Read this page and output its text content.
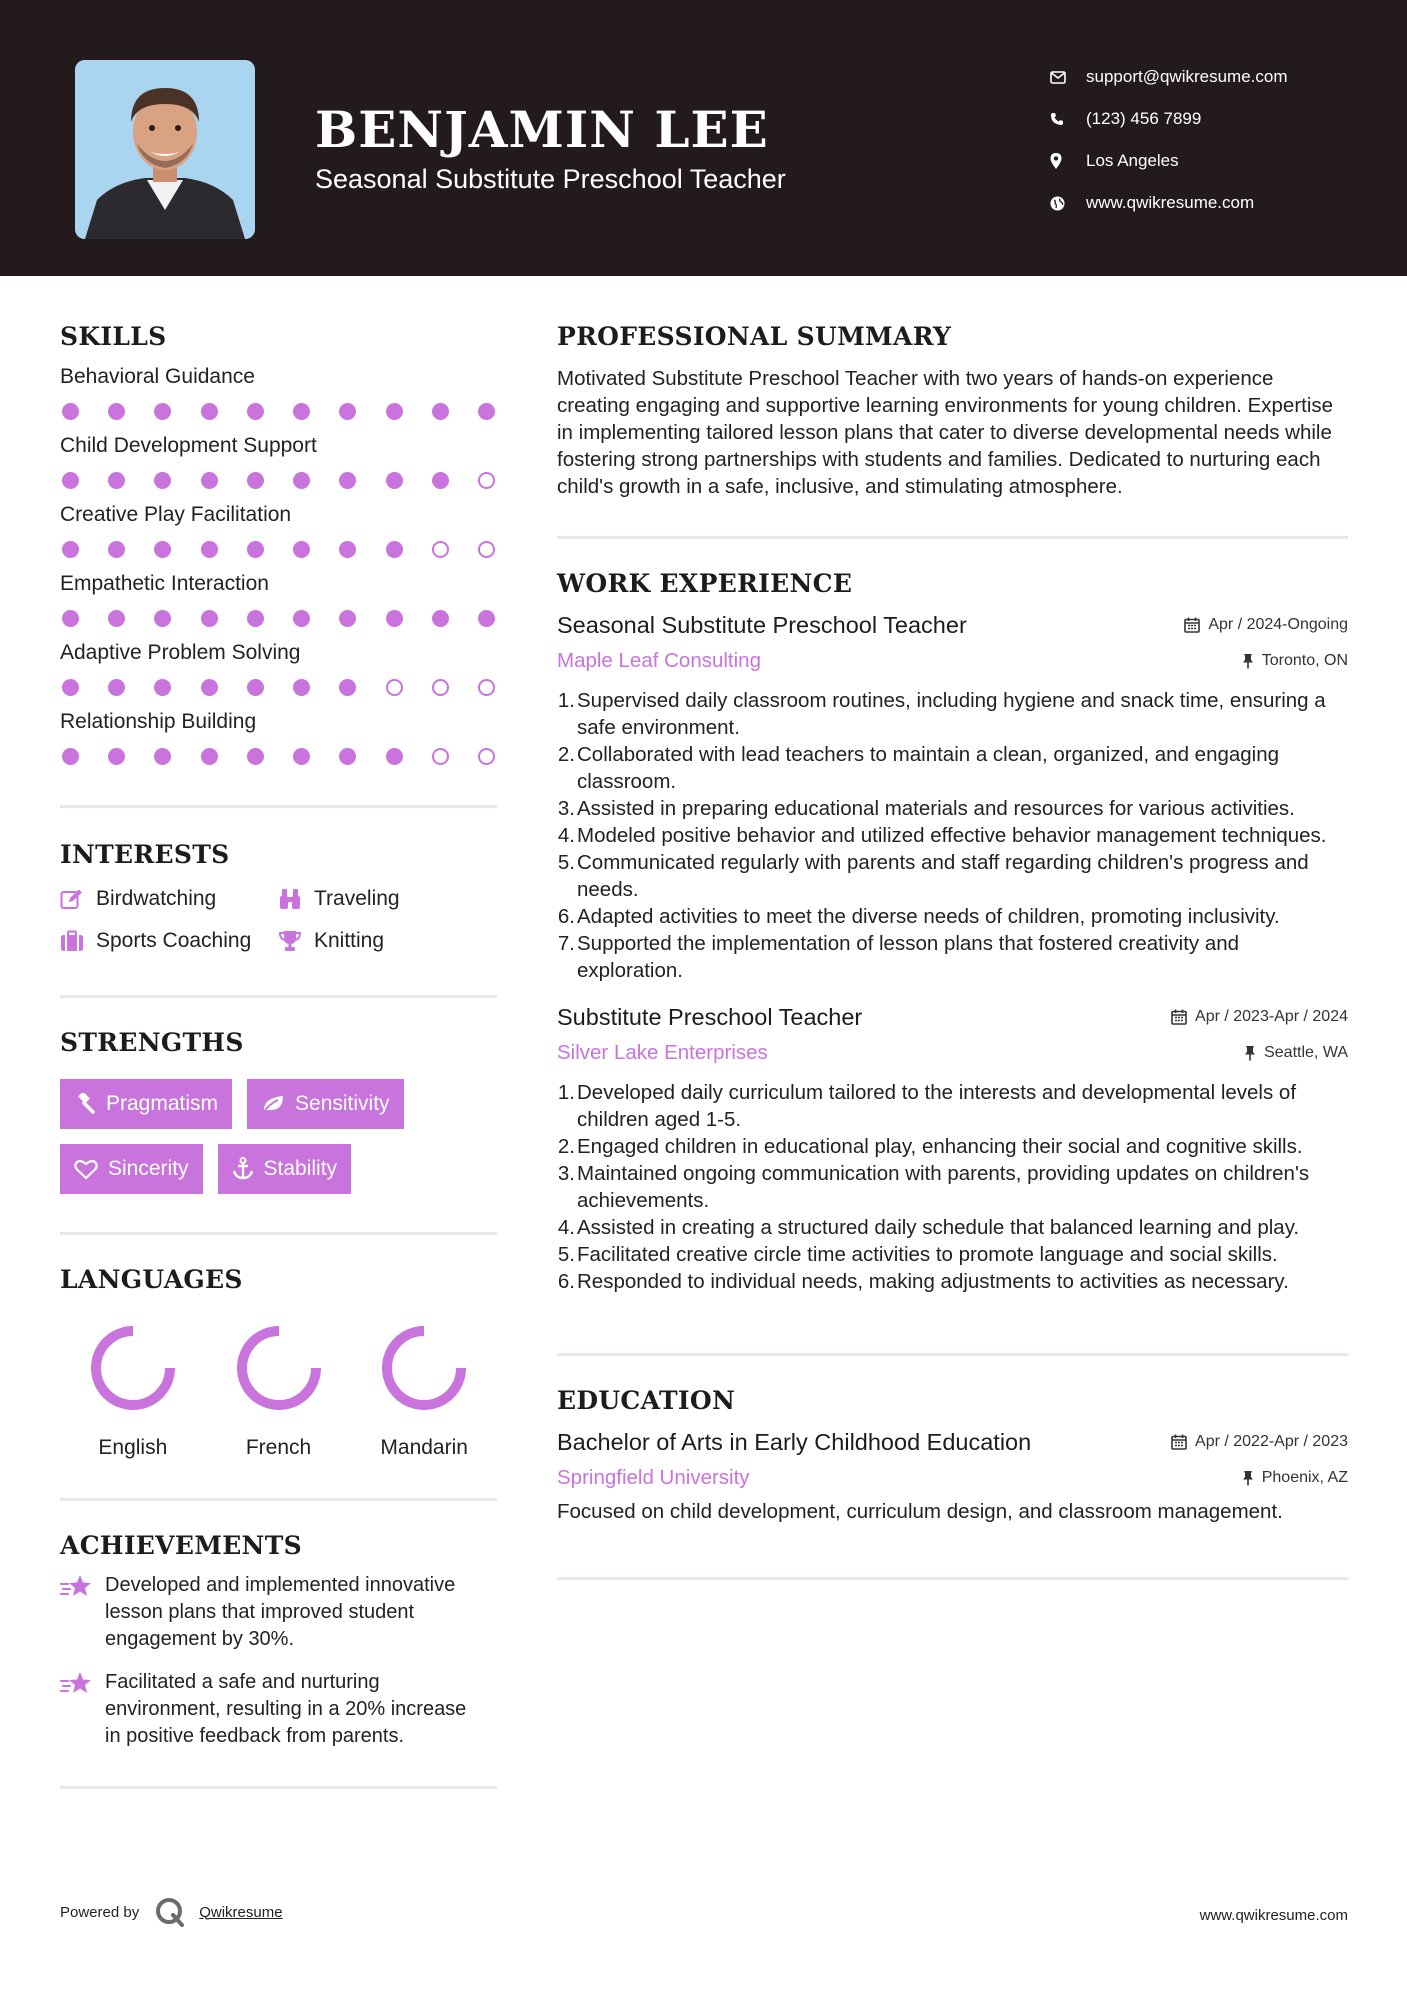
BENJAMIN LEE
Seasonal Substitute Preschool Teacher
support@qwikresume.com
(123) 456 7899
Los Angeles
www.qwikresume.com
SKILLS
Behavioral Guidance
Child Development Support
Creative Play Facilitation
Empathetic Interaction
Adaptive Problem Solving
Relationship Building
INTERESTS
Birdwatching	Traveling
Sports Coaching	Knitting
STRENGTHS
Pragmatism	Sensitivity
Sincerity	Stability
LANGUAGES
English	French	Mandarin
ACHIEVEMENTS
Developed and implemented innovative lesson plans that improved student engagement by 30%.
Facilitated a safe and nurturing environment, resulting in a 20% increase in positive feedback from parents.
Powered by	Qwikresume	www.qwikresume.com
PROFESSIONAL SUMMARY

Motivated Substitute Preschool Teacher with two years of hands-on experience creating engaging and supportive learning environments for young children. Expertise in implementing tailored lesson plans that cater to diverse developmental needs while fostering strong partnerships with students and families. Dedicated to nurturing each child's growth in a safe, inclusive, and stimulating atmosphere.

WORK EXPERIENCE
Seasonal Substitute Preschool Teacher	Apr / 2024-Ongoing
Maple Leaf Consulting	Toronto, ON
1. Supervised daily classroom routines, including hygiene and snack time, ensuring a safe environment.
2. Collaborated with lead teachers to maintain a clean, organized, and engaging classroom.
3. Assisted in preparing educational materials and resources for various activities.
4. Modeled positive behavior and utilized effective behavior management techniques.
5. Communicated regularly with parents and staff regarding children's progress and needs.
6. Adapted activities to meet the diverse needs of children, promoting inclusivity.
7. Supported the implementation of lesson plans that fostered creativity and exploration.
Substitute Preschool Teacher	Apr / 2023-Apr / 2024
Silver Lake Enterprises	Seattle, WA
1. Developed daily curriculum tailored to the interests and developmental levels of children aged 1-5.
2. Engaged children in educational play, enhancing their social and cognitive skills.
3. Maintained ongoing communication with parents, providing updates on children's achievements.
4. Assisted in creating a structured daily schedule that balanced learning and play.
5. Facilitated creative circle time activities to promote language and social skills.
6. Responded to individual needs, making adjustments to activities as necessary.
EDUCATION
Bachelor of Arts in Early Childhood Education	Apr / 2022-Apr / 2023
Springfield University	Phoenix, AZ

Focused on child development, curriculum design, and classroom management.
